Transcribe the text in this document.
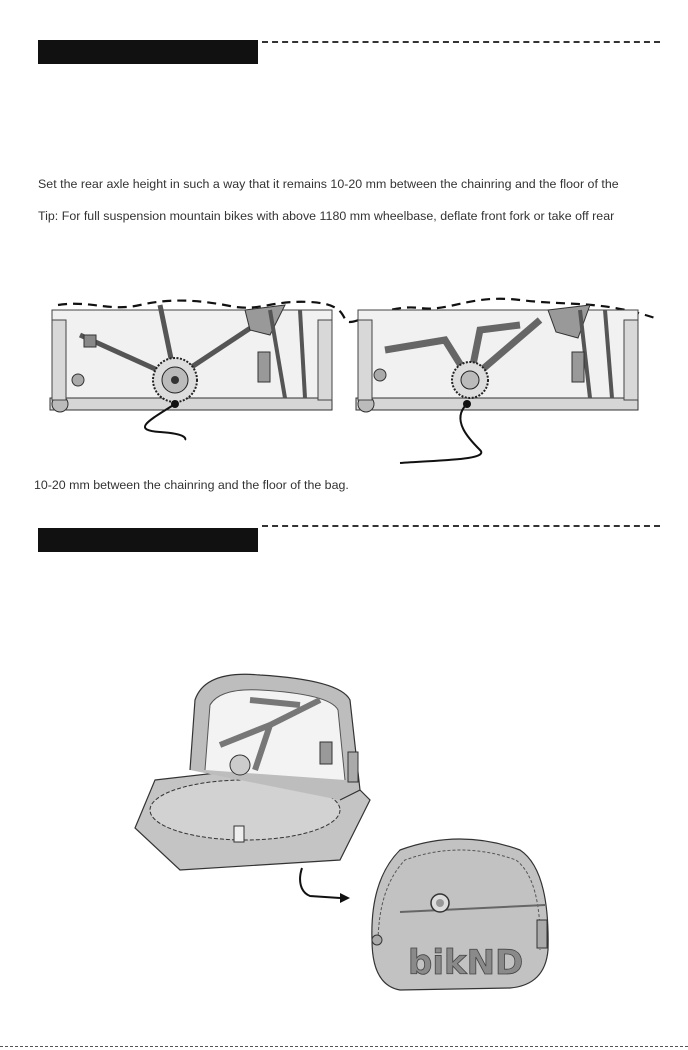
Set the rear axle height in such a way that it remains 10-20 mm between the chainring and the floor of the
Tip: For full suspension mountain bikes with above 1180 mm wheelbase, deflate front fork or take off rear
10-20 mm between the chainring and the floor of the bag.
bikND
